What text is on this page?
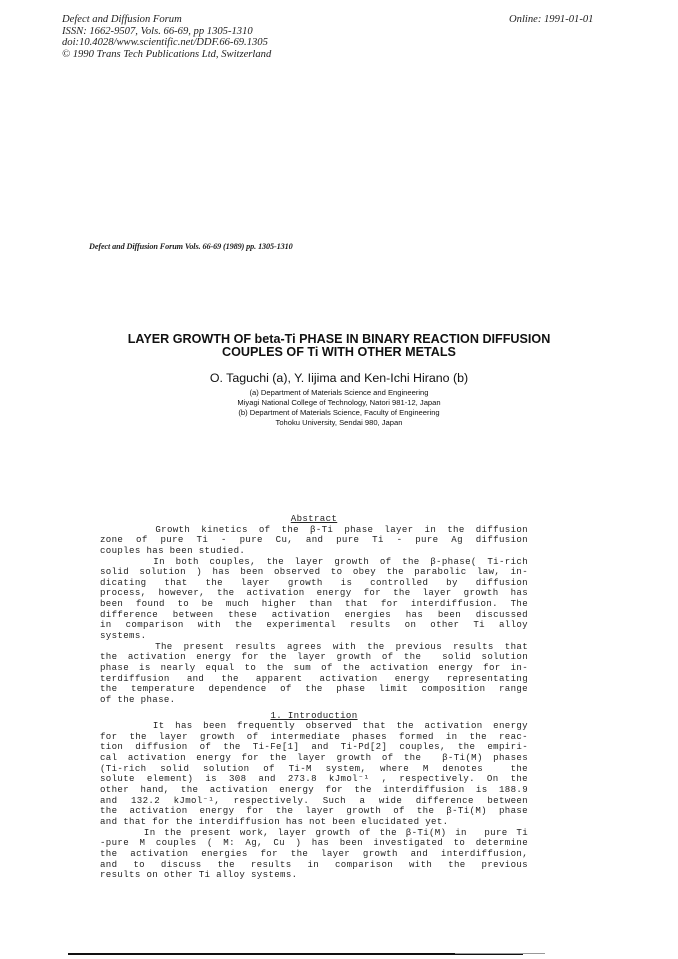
Defect and Diffusion Forum
ISSN: 1662-9507, Vols. 66-69, pp 1305-1310
doi:10.4028/www.scientific.net/DDF.66-69.1305
© 1990 Trans Tech Publications Ltd, Switzerland
Online: 1991-01-01
Defect and Diffusion Forum Vols. 66-69 (1989) pp. 1305-1310
LAYER GROWTH OF beta-Ti PHASE IN BINARY REACTION DIFFUSION
COUPLES OF Ti WITH OTHER METALS
O. Taguchi (a), Y. Iijima and Ken-Ichi Hirano (b)
(a) Department of Materials Science and Engineering
Miyagi National College of Technology, Natori 981-12, Japan
(b) Department of Materials Science, Faculty of Engineering
Tohoku University, Sendai 980, Japan
Abstract
Growth kinetics of the β-Ti phase layer in the diffusion
zone of pure Ti - pure Cu, and pure Ti - pure Ag diffusion
couples has been studied.
In both couples, the layer growth of the β-phase( Ti-rich
solid solution ) has been observed to obey the parabolic law, in-
dicating that the layer growth is controlled by diffusion
process, however, the activation energy for the layer growth has
been found to be much higher than that for interdiffusion. The
difference between these activation energies has been discussed
in comparison with the experimental results on other Ti alloy
systems.
The present results agrees with the previous results that
the activation energy for the layer growth of the  solid solution
phase is nearly equal to the sum of the activation energy for in-
terdiffusion and the apparent activation energy representating
the temperature dependence of the phase limit composition range
of the phase.
1. Introduction
It has been frequently observed that the activation energy
for the layer growth of intermediate phases formed in the reac-
tion diffusion of the Ti-Fe[1] and Ti-Pd[2] couples, the empiri-
cal activation energy for the layer growth of the  β-Ti(M) phases
(Ti-rich solid solution of Ti-M system, where M denotes  the
solute element) is 308 and 273.8 kJmol⁻¹ , respectively. On the
other hand, the activation energy for the interdiffusion is 188.9
and 132.2 kJmol⁻¹, respectively. Such a wide difference between
the activation energy for the layer growth of the β-Ti(M) phase
and that for the interdiffusion has not been elucidated yet.
In the present work, layer growth of the β-Ti(M) in  pure Ti
-pure M couples ( M: Ag, Cu ) has been investigated to determine
the activation energies for the layer growth and interdiffusion,
and to discuss the results in comparison with the previous
results on other Ti alloy systems.
